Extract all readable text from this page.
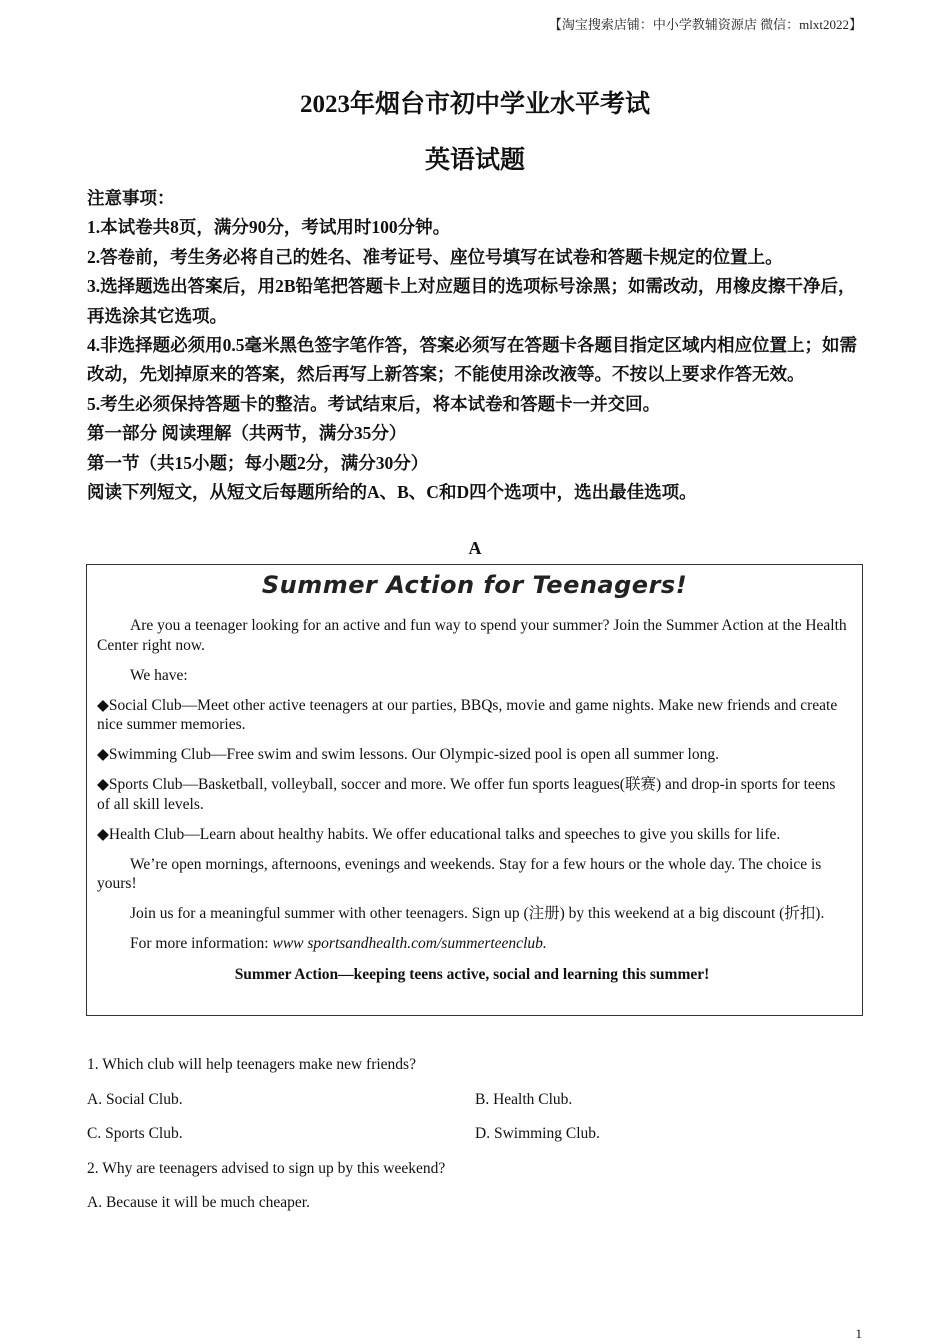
【淘宝搜索店铺：中小学教辅资源店 微信：mlxt2022】
2023年烟台市初中学业水平考试
英语试题
注意事项：
1.本试卷共8页，满分90分，考试用时100分钟。
2.答卷前，考生务必将自己的姓名、准考证号、座位号填写在试卷和答题卡规定的位置上。
3.选择题选出答案后，用2B铅笔把答题卡上对应题目的选项标号涂黑；如需改动，用橡皮擦干净后，再选涂其它选项。
4.非选择题必须用0.5毫米黑色签字笔作答，答案必须写在答题卡各题目指定区域内相应位置上；如需改动，先划掉原来的答案，然后再写上新答案；不能使用涂改液等。不按以上要求作答无效。
5.考生必须保持答题卡的整洁。考试结束后，将本试卷和答题卡一并交回。
第一部分 阅读理解（共两节，满分35分）
第一节（共15小题；每小题2分，满分30分）
阅读下列短文，从短文后每题所给的A、B、C和D四个选项中，选出最佳选项。
A
Summer Action for Teenagers!

Are you a teenager looking for an active and fun way to spend your summer? Join the Summer Action at the Health Center right now.

We have:

◆Social Club—Meet other active teenagers at our parties, BBQs, movie and game nights. Make new friends and create nice summer memories.

◆Swimming Club—Free swim and swim lessons. Our Olympic-sized pool is open all summer long.

◆Sports Club—Basketball, volleyball, soccer and more. We offer fun sports leagues(联赛) and drop-in sports for teens of all skill levels.

◆Health Club—Learn about healthy habits. We offer educational talks and speeches to give you skills for life.

We’re open mornings, afternoons, evenings and weekends. Stay for a few hours or the whole day. The choice is yours!

Join us for a meaningful summer with other teenagers. Sign up (注册) by this weekend at a big discount (折扣).

For more information: www sportsandhealth.com/summerteenclub.

Summer Action—keeping teens active, social and learning this summer!

1. Which club will help teenagers make new friends?
A. Social Club.	B. Health Club.
C. Sports Club.	D. Swimming Club.
2. Why are teenagers advised to sign up by this weekend?
A. Because it will be much cheaper.
1
